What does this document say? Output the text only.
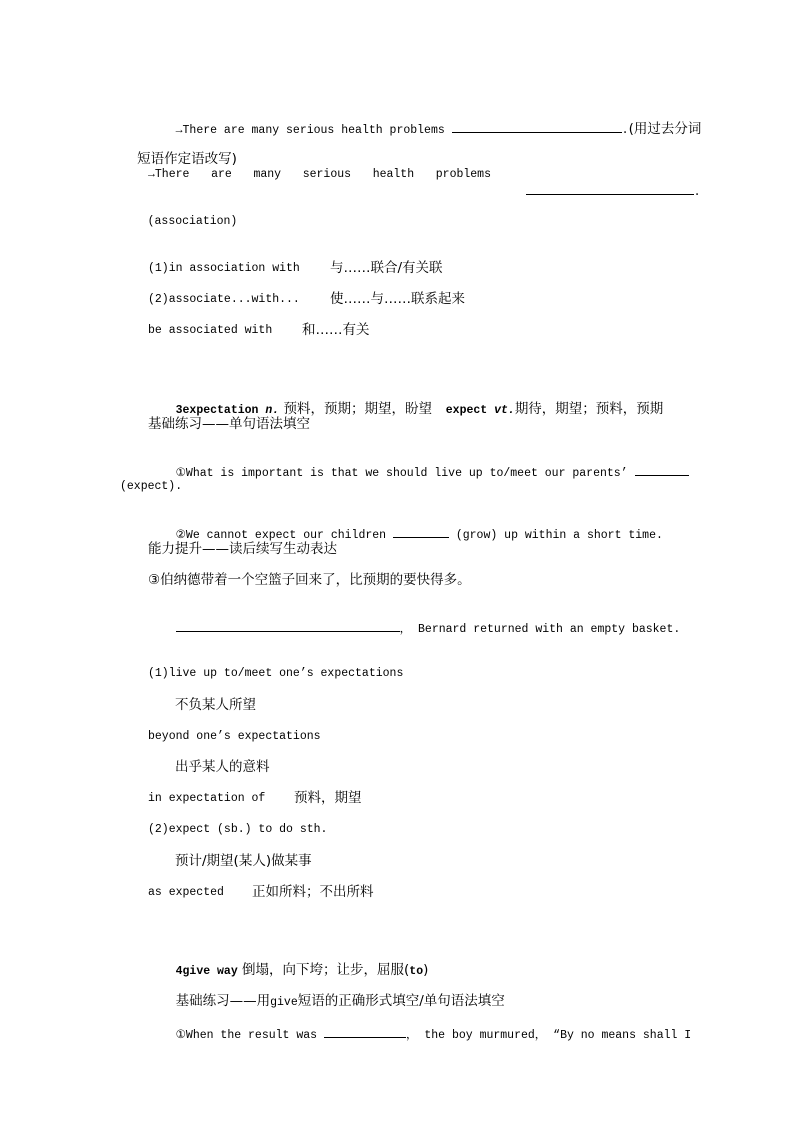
→There are many serious health problems	.(用过去分词

短语作定语改写)

→There are many serious health problems

.

(association)

(1)in association with 与……联合/有关联
(2)associate...with... 使……与……联系起来
be associated with 和……有关

3expectation n. 预料，预期；期望，盼望 expect vt.期待，期望；预料，预期

基础练习——单句语法填空

①What is important is that we should live up to/meet our parents’

(expect).

②We cannot expect our children	(grow) up within a short time.

能力提升——读后续写生动表达
③伯纳德带着一个空篮子回来了，比预期的要快得多。

， Bernard returned with an empty basket.

(1)live up to/meet one’s expectations
不负某人所望
beyond one’s expectations
出乎某人的意料
in expectation of 预料，期望
(2)expect (sb.) to do sth.
预计/期望(某人)做某事
as expected 正如所料；不出所料

4give way 倒塌，向下垮；让步，屈服(to)

基础练习——用give短语的正确形式填空/单句语法填空

①When the result was	， the boy murmured， “By no means shall I
